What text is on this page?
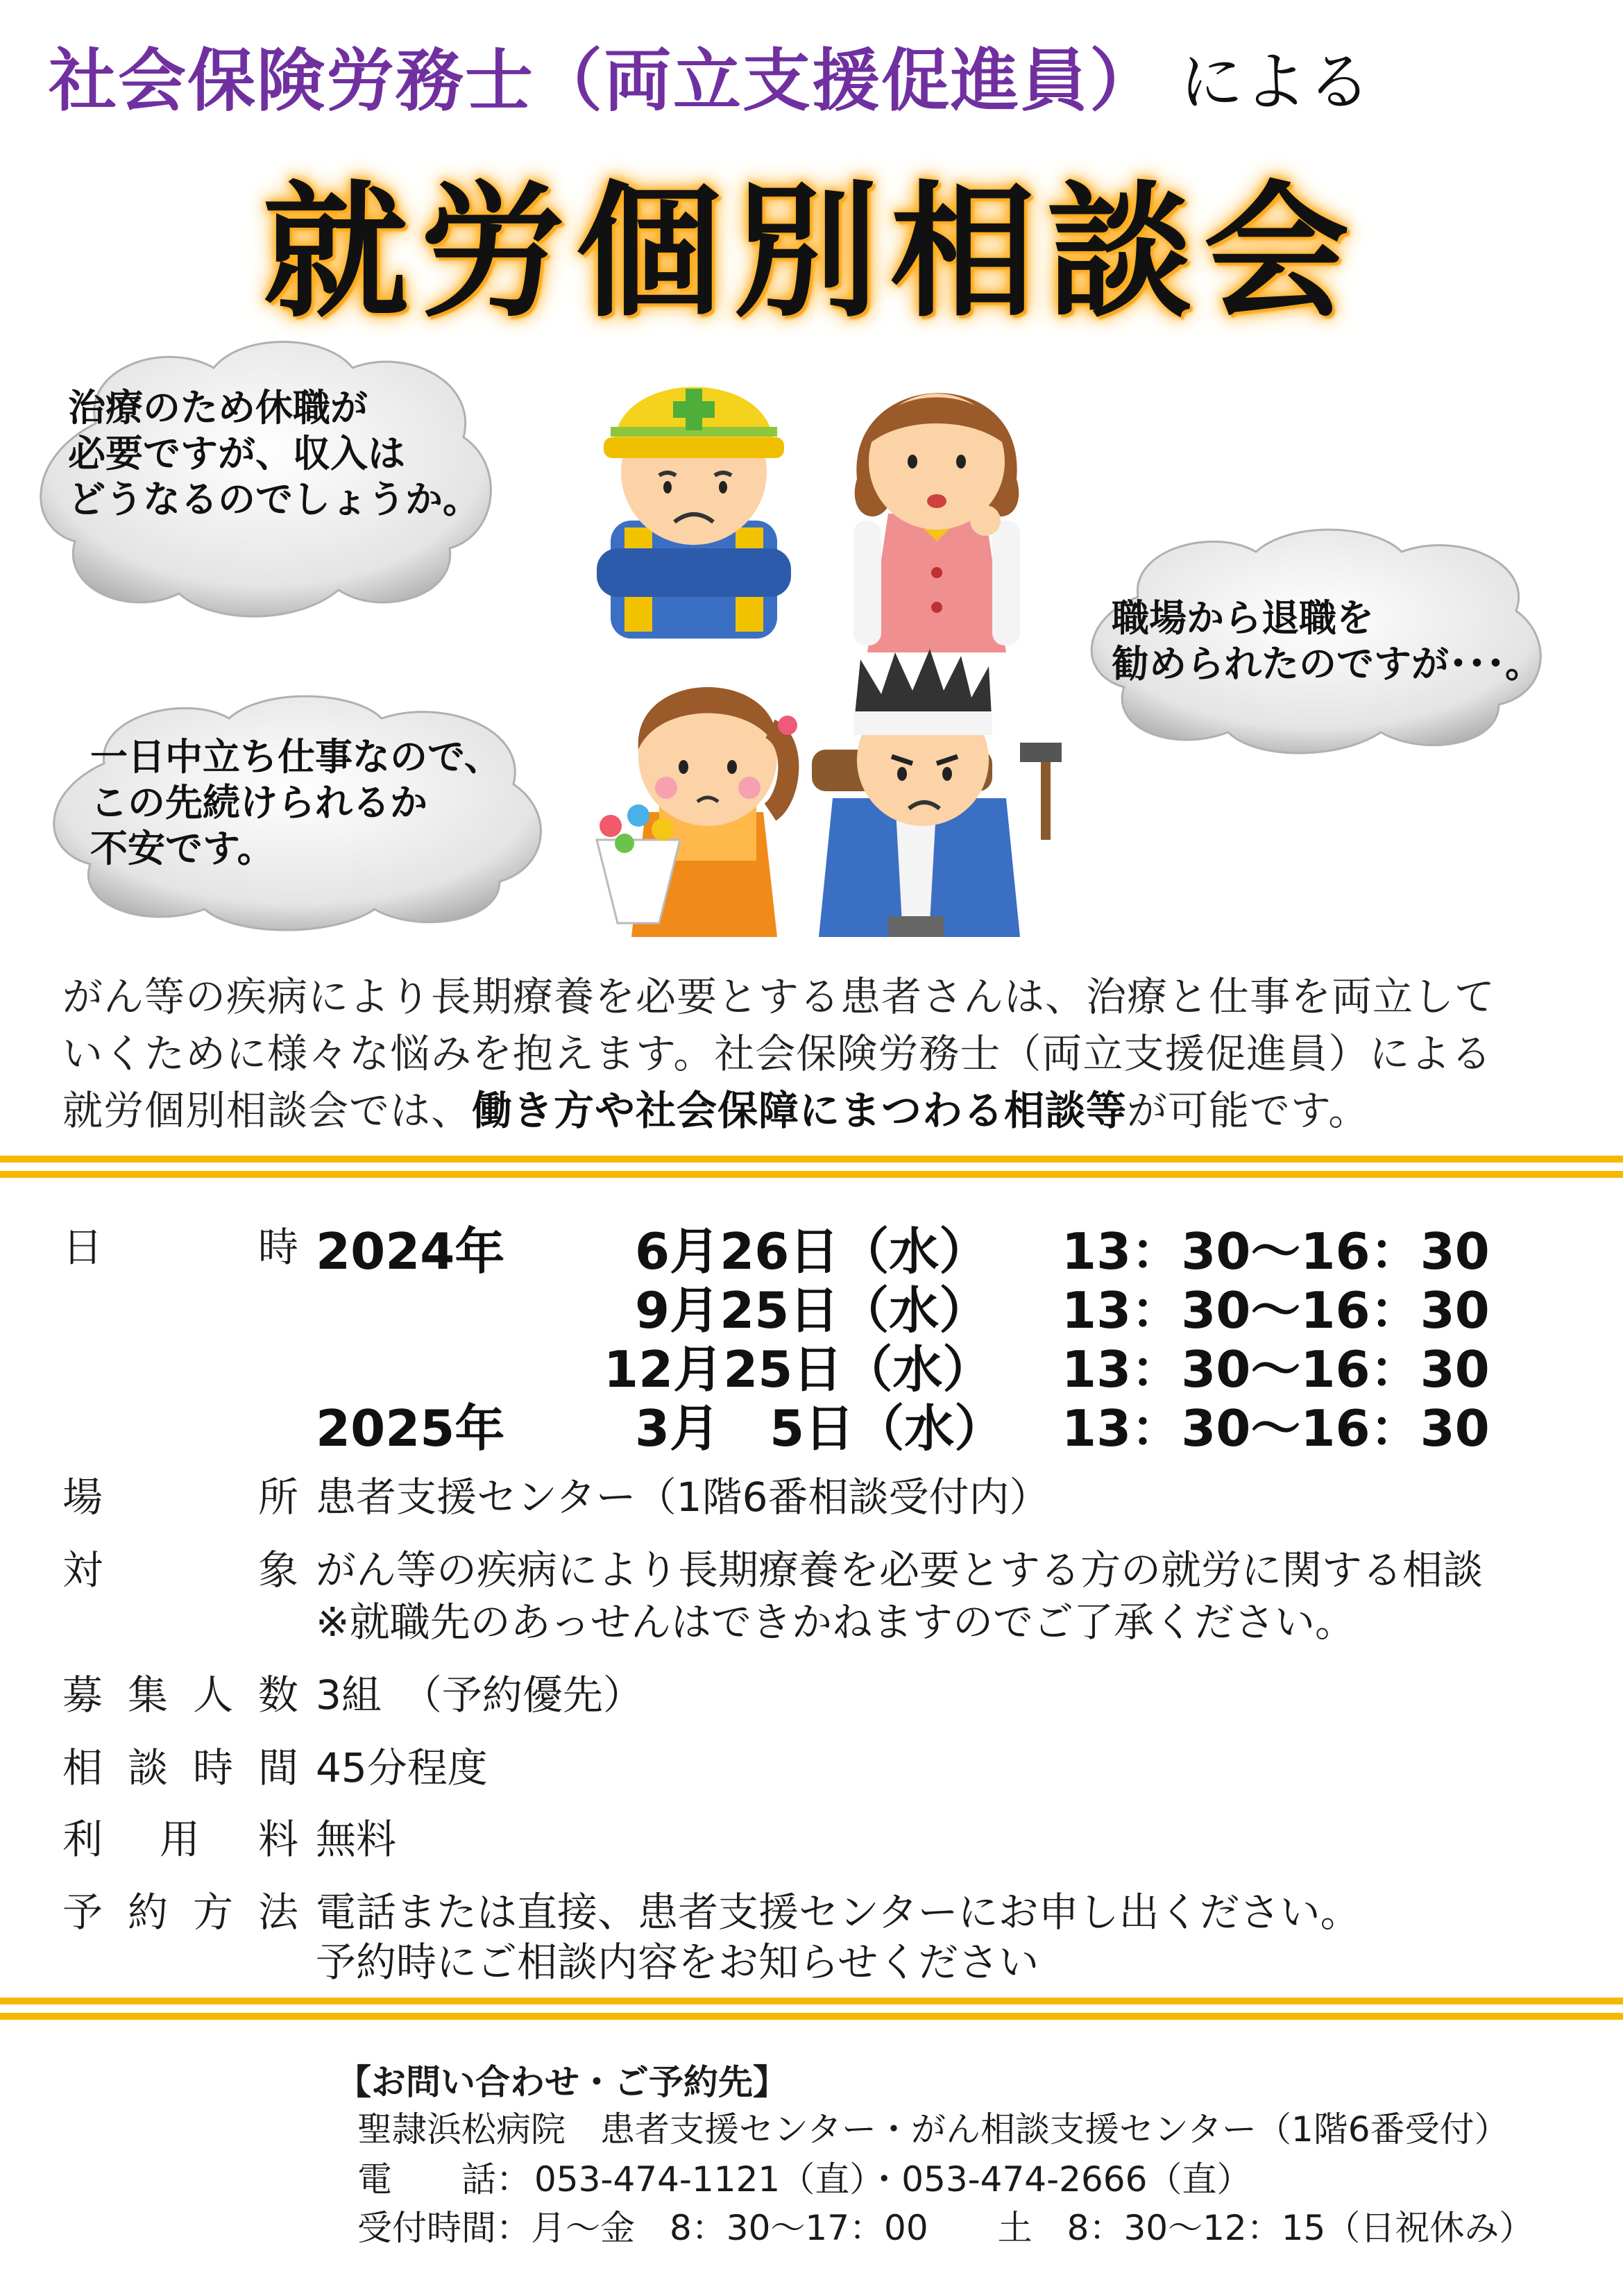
社会保険労務士（両立支援促進員） による
就労個別相談会
治療のため休職が
必要ですが、収入は
どうなるのでしょうか。
職場から退職を
勧められたのですが･･･。
一日中立ち仕事なので、
この先続けられるか
不安です。
がん等の疾病により長期療養を必要とする患者さんは、治療と仕事を両立して
いくために様々な悩みを抱えます。社会保険労務士（両立支援促進員）による
就労個別相談会では、働き方や社会保障にまつわる相談等が可能です。
日	時 2024年	6月26日（水） 13：30～16：30
9月25日（水） 13：30～16：30
12月25日（水） 13：30～16：30
2025年	3月　5日（水） 13：30～16：30
場	所 患者支援センター（1階6番相談受付内）
対	象 がん等の疾病により長期療養を必要とする方の就労に関する相談
※就職先のあっせんはできかねますのでご了承ください。
募 集 人 数 3組　（予約優先）
相 談 時 間 45分程度
利 用 料 無料
予 約 方 法 電話または直接、患者支援センターにお申し出ください。
予約時にご相談内容をお知らせください
【お問い合わせ・ご予約先】
聖隷浜松病院　患者支援センター・がん相談支援センター（1階6番受付）
電 話： 053-474-1121（直）・053-474-2666（直）
受付時間：月～金　8：30～17：00　　土　8：30～12：15（日祝休み）
